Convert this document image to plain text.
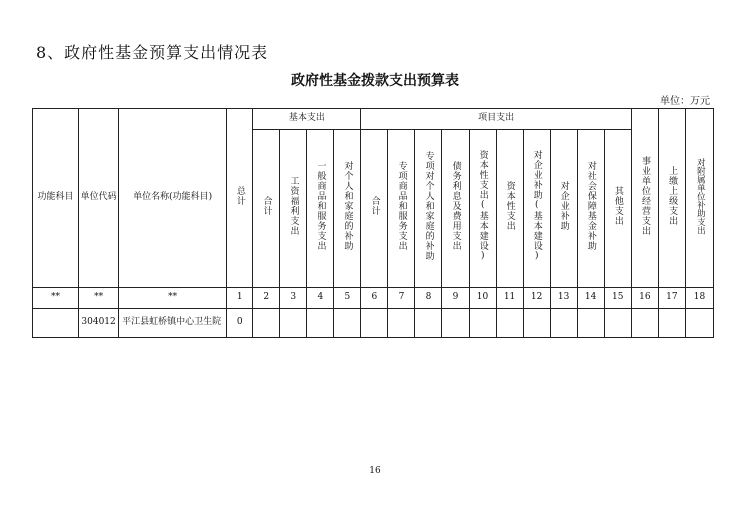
8、政府性基金预算支出情况表
政府性基金拨款支出预算表
单位：万元
功能科目	单位代码	单位名称(功能科目)	总计	基本支出				项目支出										事业单位经营支出	上缴上级支出	对附属单位补助支出
				合计	工资福利支出	一般商品和服务支出	对个人和家庭的补助	合计	专项商品和服务支出	专项对个人和家庭的补助	债务利息及费用支出	资本性支出(基本建设)	资本性支出	对企业补助(基本建设)	对企业补助	对社会保障基金补助	其他支出			
**	**	**	1	2	3	4	5	6	7	8	9	10	11	12	13	14	15	16	17	18
	304012	平江县虹桥镇中心卫生院	0																	
16
